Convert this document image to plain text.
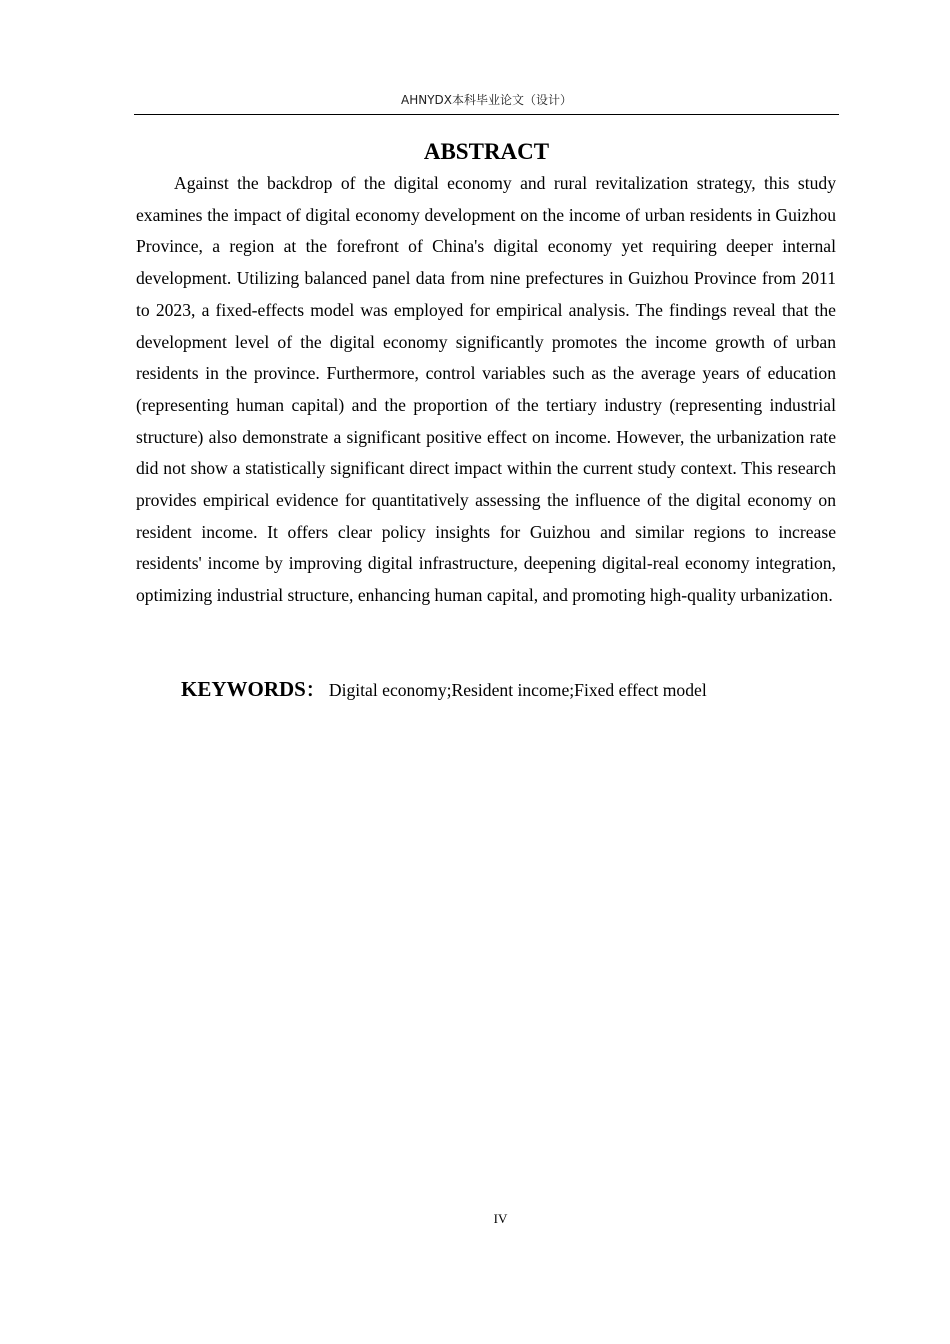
AHNYDX本科毕业论文（设计）
ABSTRACT

Against the backdrop of the digital economy and rural revitalization strategy, this study examines the impact of digital economy development on the income of urban residents in Guizhou Province, a region at the forefront of China's digital economy yet requiring deeper internal development. Utilizing balanced panel data from nine prefectures in Guizhou Province from 2011 to 2023, a fixed-effects model was employed for empirical analysis. The findings reveal that the development level of the digital economy significantly promotes the income growth of urban residents in the province. Furthermore, control variables such as the average years of education (representing human capital) and the proportion of the tertiary industry (representing industrial structure) also demonstrate a significant positive effect on income. However, the urbanization rate did not show a statistically significant direct impact within the current study context. This research provides empirical evidence for quantitatively assessing the influence of the digital economy on resident income. It offers clear policy insights for Guizhou and similar regions to increase residents' income by improving digital infrastructure, deepening digital-real economy integration, optimizing industrial structure, enhancing human capital, and promoting high-quality urbanization.

KEYWORDS： Digital economy;Resident income;Fixed effect model
IV
